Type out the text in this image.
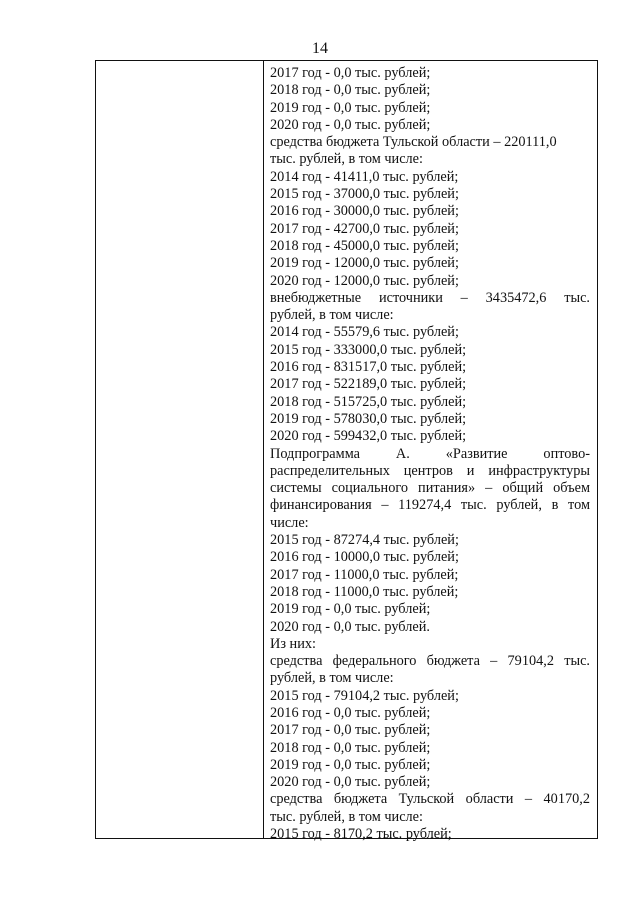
14
2017 год - 0,0 тыс. рублей;
2018 год - 0,0 тыс. рублей;
2019 год - 0,0 тыс. рублей;
2020 год - 0,0 тыс. рублей;
средства бюджета Тульской области – 220111,0
тыс. рублей, в том числе:
2014 год - 41411,0 тыс. рублей;
2015 год - 37000,0 тыс. рублей;
2016 год - 30000,0 тыс. рублей;
2017 год - 42700,0 тыс. рублей;
2018 год - 45000,0 тыс. рублей;
2019 год - 12000,0 тыс. рублей;
2020 год - 12000,0 тыс. рублей;
внебюджетные источники – 3435472,6 тыс.
рублей, в том числе:
2014 год - 55579,6 тыс. рублей;
2015 год - 333000,0 тыс. рублей;
2016 год - 831517,0 тыс. рублей;
2017 год - 522189,0 тыс. рублей;
2018 год - 515725,0 тыс. рублей;
2019 год - 578030,0 тыс. рублей;
2020 год - 599432,0 тыс. рублей;
Подпрограмма А. «Развитие оптово-
распределительных центров и инфраструктуры
системы социального питания» – общий объем
финансирования – 119274,4 тыс. рублей, в том
числе:
2015 год - 87274,4 тыс. рублей;
2016 год - 10000,0 тыс. рублей;
2017 год - 11000,0 тыс. рублей;
2018 год - 11000,0 тыс. рублей;
2019 год - 0,0 тыс. рублей;
2020 год - 0,0 тыс. рублей.
Из них:
средства федерального бюджета – 79104,2 тыс.
рублей, в том числе:
2015 год - 79104,2 тыс. рублей;
2016 год - 0,0 тыс. рублей;
2017 год - 0,0 тыс. рублей;
2018 год - 0,0 тыс. рублей;
2019 год - 0,0 тыс. рублей;
2020 год - 0,0 тыс. рублей;
средства бюджета Тульской области – 40170,2
тыс. рублей, в том числе:
2015 год - 8170,2 тыс. рублей;
